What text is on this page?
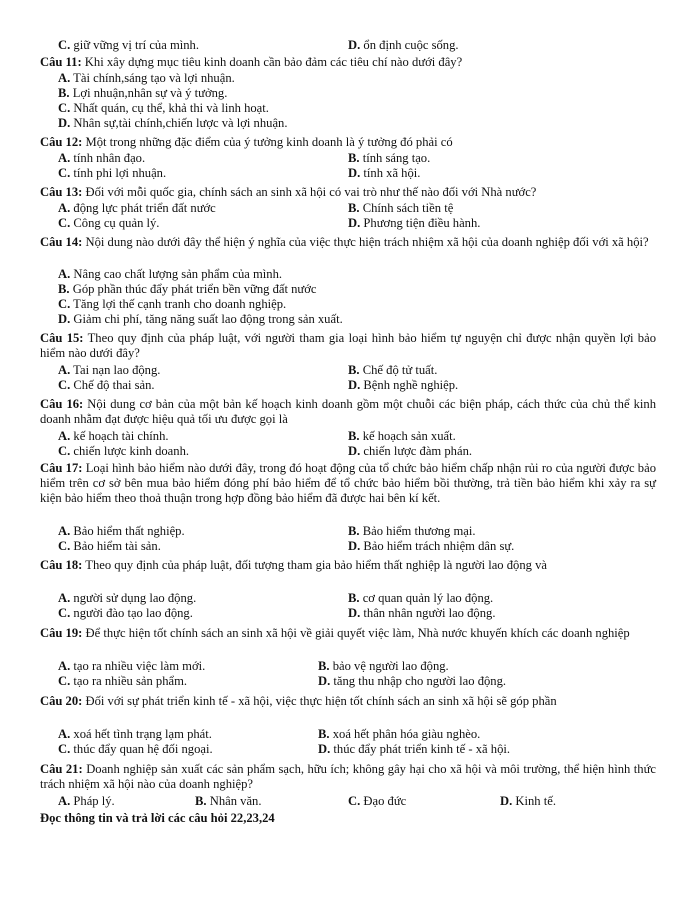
C. giữ vững vị trí của mình.	D. ổn định cuộc sống.
Câu 11: Khi xây dựng mục tiêu kinh doanh cần bảo đảm các tiêu chí nào dưới đây?
A. Tài chính,sáng tạo và lợi nhuận.
B. Lợi nhuận,nhân sự và ý tưởng.
C. Nhất quán, cụ thể, khả thi và linh hoạt.
D. Nhân sự,tài chính,chiến lược và lợi nhuận.
Câu 12: Một trong những đặc điểm của ý tưởng kinh doanh là ý tưởng đó phải có
A. tính nhân đạo.	B. tính sáng tạo.
C. tính phi lợi nhuận.	D. tính xã hội.
Câu 13: Đối với mỗi quốc gia, chính sách an sinh xã hội có vai trò như thế nào đối với Nhà nước?
A. động lực phát triển đất nước	B. Chính sách tiền tệ
C. Công cụ quản lý.	D. Phương tiện điều hành.
Câu 14: Nội dung nào dưới đây thể hiện ý nghĩa của việc thực hiện trách nhiệm xã hội của doanh nghiệp đối với xã hội?
A. Nâng cao chất lượng sản phẩm của mình.
B. Góp phần thúc đẩy phát triển bền vững đất nước
C. Tăng lợi thế cạnh tranh cho doanh nghiệp.
D. Giảm chi phí, tăng năng suất lao động trong sản xuất.
Câu 15: Theo quy định của pháp luật, với người tham gia loại hình bảo hiểm tự nguyện chỉ được nhận quyền lợi bảo hiểm nào dưới đây?
A. Tai nạn lao động.	B. Chế độ tử tuất.
C. Chế độ thai sản.	D. Bệnh nghề nghiệp.
Câu 16: Nội dung cơ bản của một bản kế hoạch kinh doanh gồm một chuỗi các biện pháp, cách thức của chủ thể kinh doanh nhằm đạt được hiệu quả tối ưu được gọi là
A. kế hoạch tài chính.	B. kế hoạch sản xuất.
C. chiến lược kinh doanh.	D. chiến lược đàm phán.
Câu 17: Loại hình bảo hiểm nào dưới đây, trong đó hoạt động của tổ chức bảo hiểm chấp nhận rủi ro của người được bảo hiểm trên cơ sở bên mua bảo hiểm đóng phí bảo hiểm để tổ chức bảo hiểm bồi thường, trả tiền bảo hiểm khi xảy ra sự kiện bảo hiểm theo thoả thuận trong hợp đồng bảo hiểm đã được hai bên kí kết.
A. Bảo hiểm thất nghiệp.	B. Bảo hiểm thương mại.
C. Bảo hiểm tài sản.	D. Bảo hiểm trách nhiệm dân sự.
Câu 18: Theo quy định của pháp luật, đối tượng tham gia bảo hiểm thất nghiệp là người lao động và
A. người sử dụng lao động.	B. cơ quan quản lý lao động.
C. người đào tạo lao động.	D. thân nhân người lao động.
Câu 19: Để thực hiện tốt chính sách an sinh xã hội về giải quyết việc làm, Nhà nước khuyến khích các doanh nghiệp
A. tạo ra nhiều việc làm mới.	B. bảo vệ người lao động.
C. tạo ra nhiều sản phẩm.	D. tăng thu nhập cho người lao động.
Câu 20: Đối với sự phát triển kinh tế - xã hội, việc thực hiện tốt chính sách an sinh xã hội sẽ góp phần
A. xoá hết tình trạng lạm phát.	B. xoá hết phân hóa giàu nghèo.
C. thúc đẩy quan hệ đối ngoại.	D. thúc đẩy phát triển kinh tế - xã hội.
Câu 21: Doanh nghiệp sản xuất các sản phẩm sạch, hữu ích; không gây hại cho xã hội và môi trường, thể hiện hình thức trách nhiệm xã hội nào của doanh nghiệp?
A. Pháp lý.	B. Nhân văn.	C. Đạo đức	D. Kinh tế.
Đọc thông tin và trả lời các câu hỏi 22,23,24
